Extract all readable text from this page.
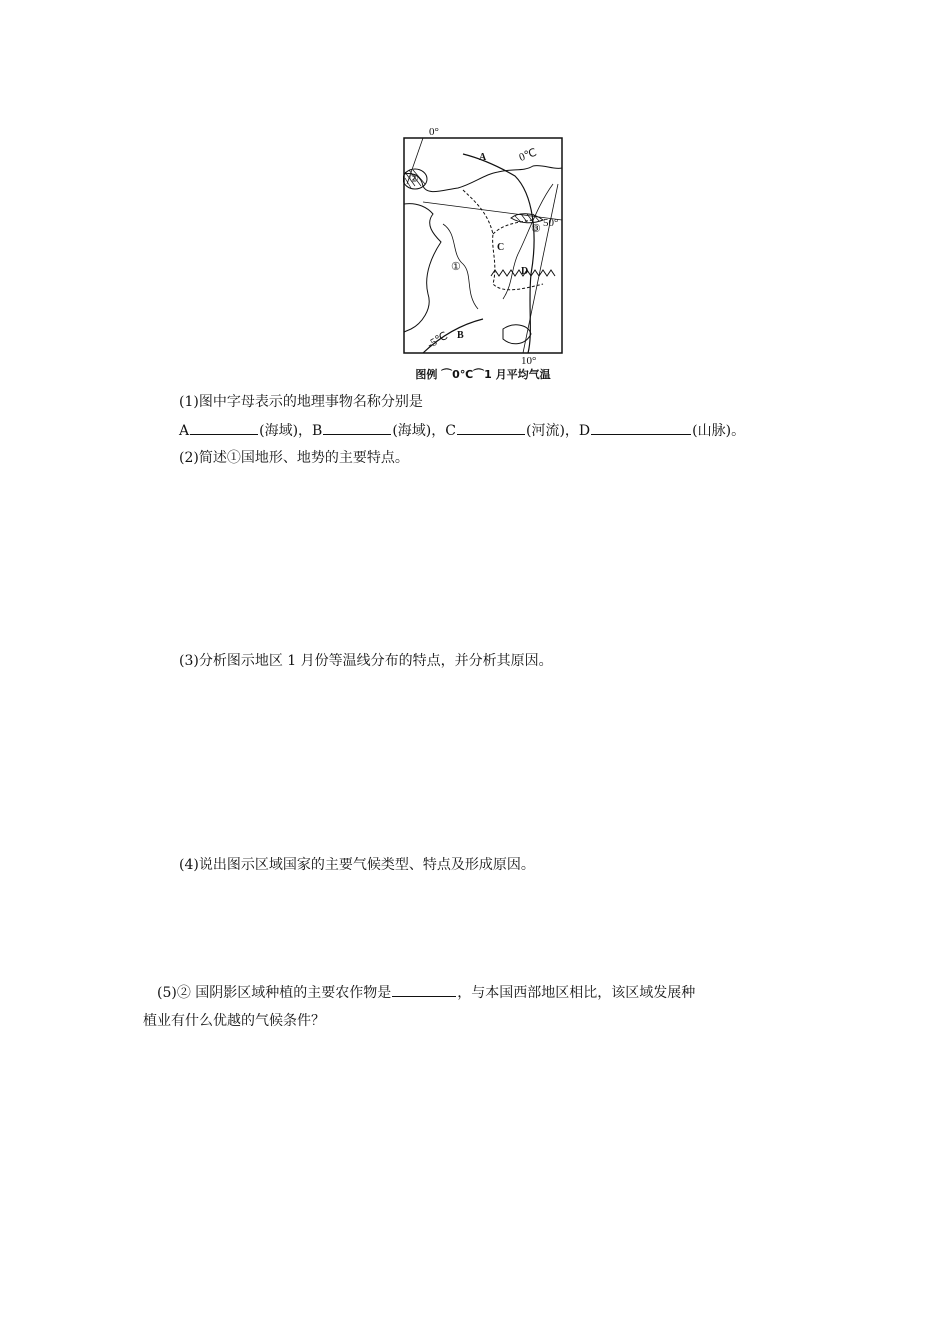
0°
A	0℃
②
③ 50°
C
①	D
-5℃ B
10°
图例 ⌒0℃⌒1 月平均气温
(1)图中字母表示的地理事物名称分别是
A	(海域)，B	(海域)，C	(河流)，D	(山脉)。
(2)简述①国地形、地势的主要特点。
(3)分析图示地区 1 月份等温线分布的特点，并分析其原因。
(4)说出图示区域国家的主要气候类型、特点及形成原因。
(5)② 国阴影区域种植的主要农作物是	，与本国西部地区相比，该区域发展种
植业有什么优越的气候条件？
